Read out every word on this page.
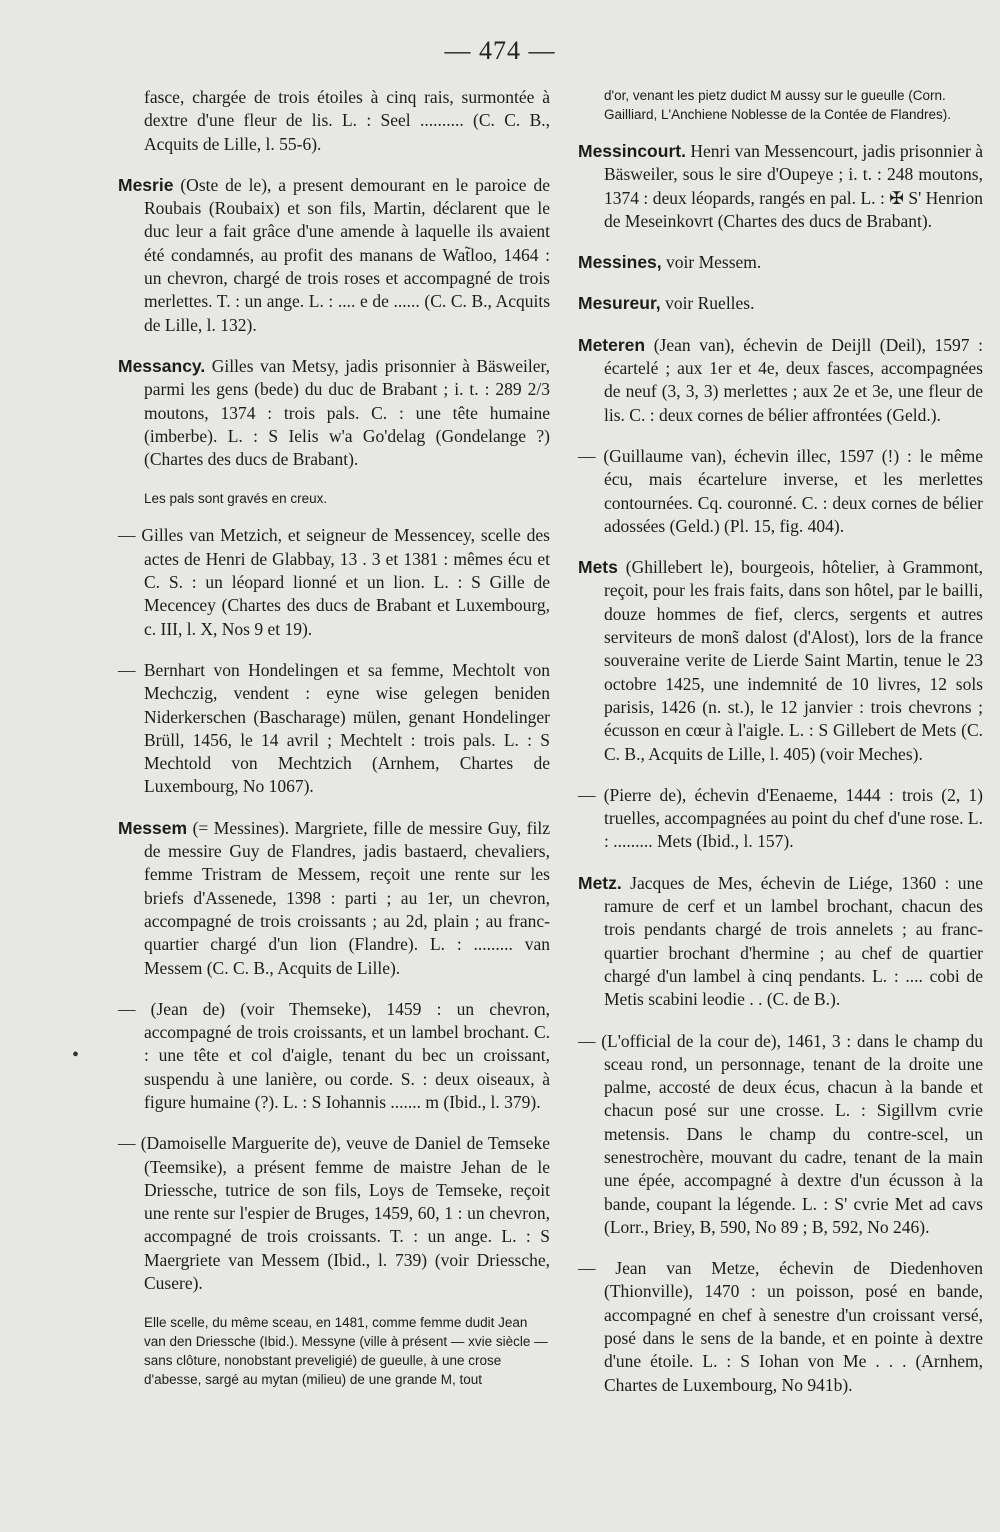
— 474 —
•

fasce, chargée de trois étoiles à cinq rais, surmontée à dextre d'une fleur de lis. L. : Seel .......... (C. C. B., Acquits de Lille, l. 55-6).

Mesrie (Oste de le), a present demourant en le paroice de Roubais (Roubaix) et son fils, Martin, déclarent que le duc leur a fait grâce d'une amende à laquelle ils avaient été condamnés, au profit des manans de Wat̃loo, 1464 : un chevron, chargé de trois roses et accompagné de trois merlettes. T. : un ange. L. : .... e de ...... (C. C. B., Acquits de Lille, l. 132).

Messancy. Gilles van Metsy, jadis prisonnier à Bäsweiler, parmi les gens (bede) du duc de Brabant ; i. t. : 289 2/3 moutons, 1374 : trois pals. C. : une tête humaine (imberbe). L. : S Ielis w'a Go'delag (Gondelange ?) (Chartes des ducs de Brabant).

Les pals sont gravés en creux.

— Gilles van Metzich, et seigneur de Messencey, scelle des actes de Henri de Glabbay, 13 . 3 et 1381 : mêmes écu et C. S. : un léopard lionné et un lion. L. : S Gille de Mecencey (Chartes des ducs de Brabant et Luxembourg, c. III, l. X, Nos 9 et 19).

— Bernhart von Hondelingen et sa femme, Mechtolt von Mechczig, vendent : eyne wise gelegen beniden Niderkerschen (Bascharage) mülen, genant Hondelinger Brüll, 1456, le 14 avril ; Mechtelt : trois pals. L. : S Mechtold von Mechtzich (Arnhem, Chartes de Luxembourg, No 1067).

Messem (= Messines). Margriete, fille de messire Guy, filz de messire Guy de Flandres, jadis bastaerd, chevaliers, femme Tristram de Messem, reçoit une rente sur les briefs d'Assenede, 1398 : parti ; au 1er, un chevron, accompagné de trois croissants ; au 2d, plain ; au franc-quartier chargé d'un lion (Flandre). L. : ......... van Messem (C. C. B., Acquits de Lille).

— (Jean de) (voir Themseke), 1459 : un chevron, accompagné de trois croissants, et un lambel brochant. C. : une tête et col d'aigle, tenant du bec un croissant, suspendu à une lanière, ou corde. S. : deux oiseaux, à figure humaine (?). L. : S Iohannis ....... m (Ibid., l. 379).

— (Damoiselle Marguerite de), veuve de Daniel de Temseke (Teemsike), a présent femme de maistre Jehan de le Driessche, tutrice de son fils, Loys de Temseke, reçoit une rente sur l'espier de Bruges, 1459, 60, 1 : un chevron, accompagné de trois croissants. T. : un ange. L. : S Maergriete van Messem (Ibid., l. 739) (voir Driessche, Cusere).

Elle scelle, du même sceau, en 1481, comme femme dudit Jean van den Driessche (Ibid.). Messyne (ville à présent — xvie siècle — sans clôture, nonobstant preveligié) de gueulle, à une crose d'abesse, sargé au mytan (milieu) de une grande M, tout

d'or, venant les pietz dudict M aussy sur le gueulle (Corn. Gailliard, L'Anchiene Noblesse de la Contée de Flandres).

Messincourt. Henri van Messencourt, jadis prisonnier à Bäsweiler, sous le sire d'Oupeye ; i. t. : 248 moutons, 1374 : deux léopards, rangés en pal. L. : ✠ S' Henrion de Meseinkovrt (Chartes des ducs de Brabant).

Messines, voir Messem.

Mesureur, voir Ruelles.

Meteren (Jean van), échevin de Deijll (Deil), 1597 : écartelé ; aux 1er et 4e, deux fasces, accompagnées de neuf (3, 3, 3) merlettes ; aux 2e et 3e, une fleur de lis. C. : deux cornes de bélier affrontées (Geld.).

— (Guillaume van), échevin illec, 1597 (!) : le même écu, mais écartelure inverse, et les merlettes contournées. Cq. couronné. C. : deux cornes de bélier adossées (Geld.) (Pl. 15, fig. 404).

Mets (Ghillebert le), bourgeois, hôtelier, à Grammont, reçoit, pour les frais faits, dans son hôtel, par le bailli, douze hommes de fief, clercs, sergents et autres serviteurs de mons̃ dalost (d'Alost), lors de la france souveraine verite de Lierde Saint Martin, tenue le 23 octobre 1425, une indemnité de 10 livres, 12 sols parisis, 1426 (n. st.), le 12 janvier : trois chevrons ; écusson en cœur à l'aigle. L. : S Gillebert de Mets (C. C. B., Acquits de Lille, l. 405) (voir Meches).

— (Pierre de), échevin d'Eenaeme, 1444 : trois (2, 1) truelles, accompagnées au point du chef d'une rose. L. : ......... Mets (Ibid., l. 157).

Metz. Jacques de Mes, échevin de Liége, 1360 : une ramure de cerf et un lambel brochant, chacun des trois pendants chargé de trois annelets ; au franc-quartier brochant d'hermine ; au chef de quartier chargé d'un lambel à cinq pendants. L. : .... cobi de Metis scabini leodie . . (C. de B.).

— (L'official de la cour de), 1461, 3 : dans le champ du sceau rond, un personnage, tenant de la droite une palme, accosté de deux écus, chacun à la bande et chacun posé sur une crosse. L. : Sigillvm cvrie metensis. Dans le champ du contre-scel, un senestrochère, mouvant du cadre, tenant de la main une épée, accompagné à dextre d'un écusson à la bande, coupant la légende. L. : S' cvrie Met ad cavs (Lorr., Briey, B, 590, No 89 ; B, 592, No 246).

— Jean van Metze, échevin de Diedenhoven (Thionville), 1470 : un poisson, posé en bande, accompagné en chef à senestre d'un croissant versé, posé dans le sens de la bande, et en pointe à dextre d'une étoile. L. : S Iohan von Me . . . (Arnhem, Chartes de Luxembourg, No 941b).
